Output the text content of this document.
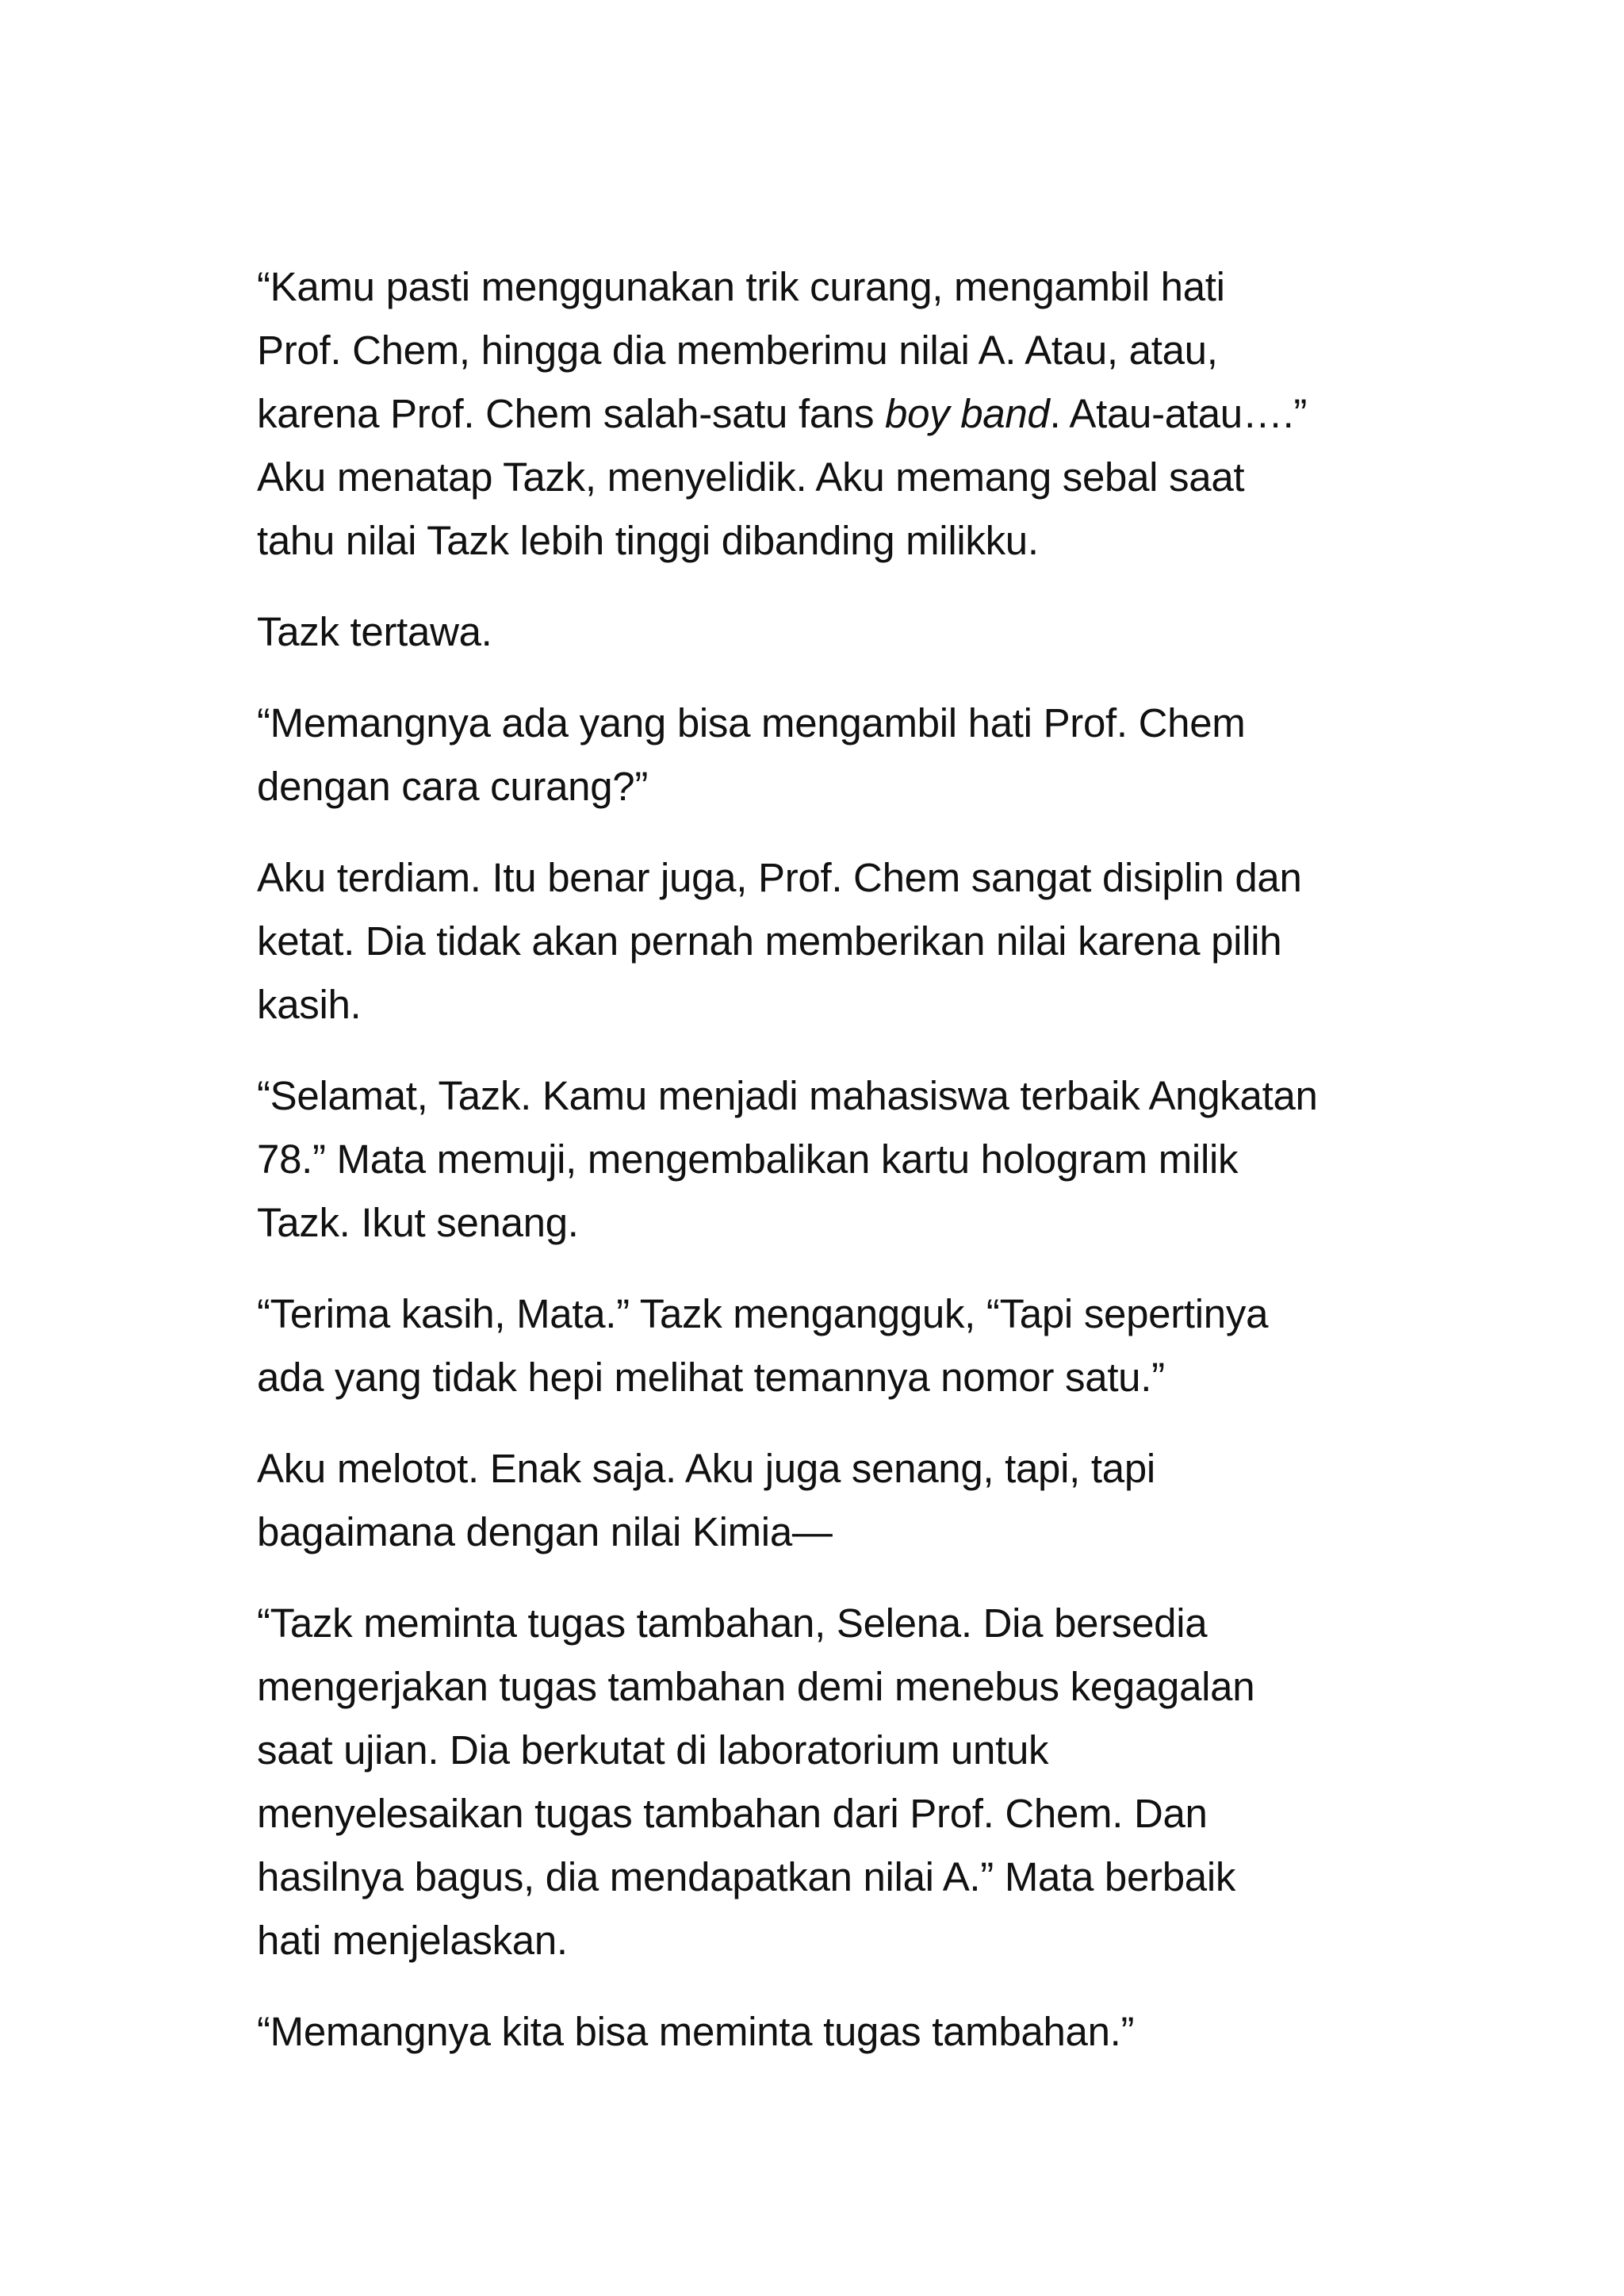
“Kamu pasti menggunakan trik curang, mengambil hati
Prof. Chem, hingga dia memberimu nilai A. Atau, atau,
karena Prof. Chem salah-satu fans boy band. Atau-atau….”
Aku menatap Tazk, menyelidik. Aku memang sebal saat
tahu nilai Tazk lebih tinggi dibanding milikku.

Tazk tertawa.

“Memangnya ada yang bisa mengambil hati Prof. Chem
dengan cara curang?”

Aku terdiam. Itu benar juga, Prof. Chem sangat disiplin dan
ketat. Dia tidak akan pernah memberikan nilai karena pilih
kasih.

“Selamat, Tazk. Kamu menjadi mahasiswa terbaik Angkatan
78.” Mata memuji, mengembalikan kartu hologram milik
Tazk. Ikut senang.

“Terima kasih, Mata.” Tazk mengangguk, “Tapi sepertinya
ada yang tidak hepi melihat temannya nomor satu.”

Aku melotot. Enak saja. Aku juga senang, tapi, tapi
bagaimana dengan nilai Kimia—

“Tazk meminta tugas tambahan, Selena. Dia bersedia
mengerjakan tugas tambahan demi menebus kegagalan
saat ujian. Dia berkutat di laboratorium untuk
menyelesaikan tugas tambahan dari Prof. Chem. Dan
hasilnya bagus, dia mendapatkan nilai A.” Mata berbaik
hati menjelaskan.

“Memangnya kita bisa meminta tugas tambahan.”
